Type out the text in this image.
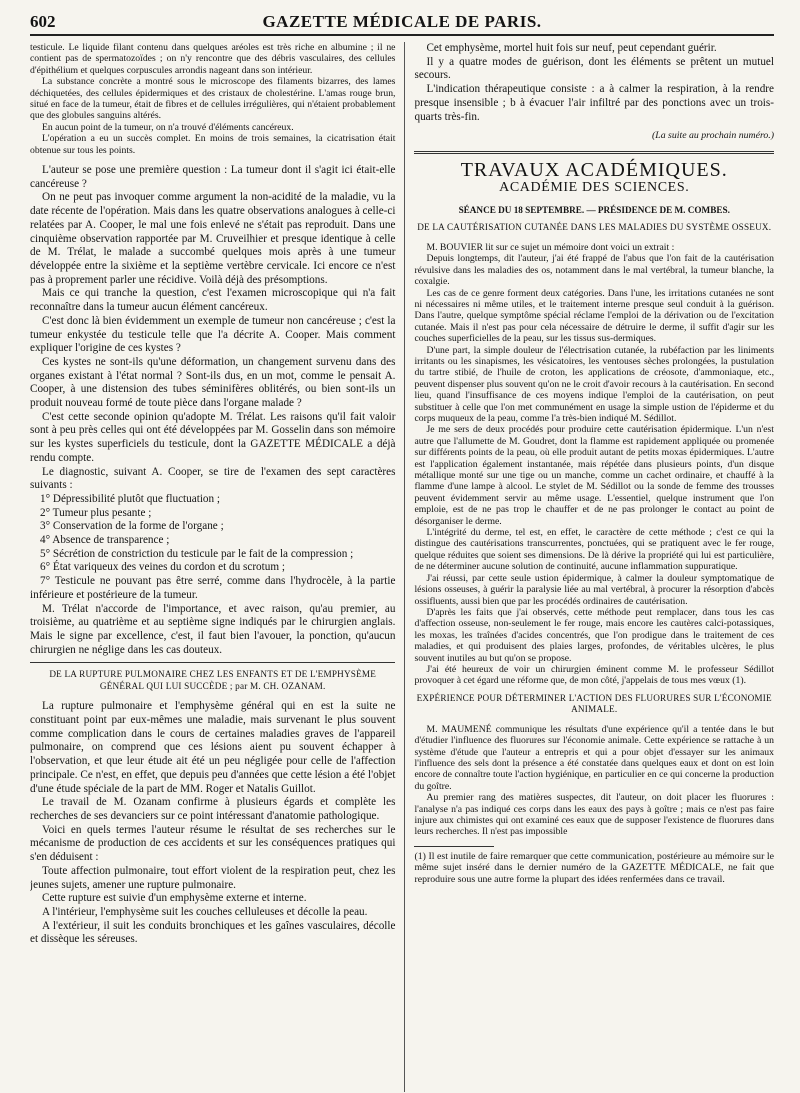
602	GAZETTE MÉDICALE DE PARIS.

testicule. Le liquide filant contenu dans quelques aréoles est très riche en albumine ; il ne contient pas de spermatozoïdes ; on n'y rencontre que des débris vasculaires, des cellules d'épithélium et quelques corpuscules arrondis nageant dans son intérieur.

La substance concrète a montré sous le microscope des filaments bizarres, des lames déchiquetées, des cellules épidermiques et des cristaux de cholestérine. L'amas rouge brun, situé en face de la tumeur, était de fibres et de cellules irrégulières, qui n'étaient probablement que des globules sanguins altérés.

En aucun point de la tumeur, on n'a trouvé d'éléments cancéreux.

L'opération a eu un succès complet. En moins de trois semaines, la cicatrisation était obtenue sur tous les points.

L'auteur se pose une première question : La tumeur dont il s'agit ici était-elle cancéreuse ?

On ne peut pas invoquer comme argument la non-acidité de la maladie, vu la date récente de l'opération. Mais dans les quatre observations analogues à celle-ci relatées par A. Cooper, le mal une fois enlevé ne s'était pas reproduit. Dans une cinquième observation rapportée par M. Cruveilhier et presque identique à celle de M. Trélat, le malade a succombé quelques mois après à une tumeur développée entre la sixième et la septième vertèbre cervicale. Ici encore ce n'est pas à proprement parler une récidive. Voilà déjà des présomptions.

Mais ce qui tranche la question, c'est l'examen microscopique qui n'a fait reconnaître dans la tumeur aucun élément cancéreux.

C'est donc là bien évidemment un exemple de tumeur non cancéreuse ; c'est la tumeur enkystée du testicule telle que l'a décrite A. Cooper. Mais comment expliquer l'origine de ces kystes ?

Ces kystes ne sont-ils qu'une déformation, un changement survenu dans des organes existant à l'état normal ? Sont-ils dus, en un mot, comme le pensait A. Cooper, à une distension des tubes séminifères oblitérés, ou bien sont-ils un produit nouveau formé de toute pièce dans l'organe malade ?

C'est cette seconde opinion qu'adopte M. Trélat. Les raisons qu'il fait valoir sont à peu près celles qui ont été développées par M. Gosselin dans son mémoire sur les kystes superficiels du testicule, dont la GAZETTE MÉDICALE a déjà rendu compte.

Le diagnostic, suivant A. Cooper, se tire de l'examen des sept caractères suivants :

1° Dépressibilité plutôt que fluctuation ;

2° Tumeur plus pesante ;

3° Conservation de la forme de l'organe ;

4° Absence de transparence ;

5° Sécrétion de constriction du testicule par le fait de la compression ;

6° État variqueux des veines du cordon et du scrotum ;

7° Testicule ne pouvant pas être serré, comme dans l'hydrocèle, à la partie inférieure et postérieure de la tumeur.

M. Trélat n'accorde de l'importance, et avec raison, qu'au premier, au troisième, au quatrième et au septième signe indiqués par le chirurgien anglais. Mais le signe par excellence, c'est, il faut bien l'avouer, la ponction, qu'aucun chirurgien ne néglige dans les cas douteux.

DE LA RUPTURE PULMONAIRE CHEZ LES ENFANTS ET DE L'EMPHYSÈME GÉNÉRAL QUI LUI SUCCÈDE ; par M. CH. OZANAM.

La rupture pulmonaire et l'emphysème général qui en est la suite ne constituant point par eux-mêmes une maladie, mais survenant le plus souvent comme complication dans le cours de certaines maladies graves de l'appareil pulmonaire, on comprend que ces lésions aient pu souvent échapper à l'observation, et que leur étude ait été un peu négligée pour celle de l'affection principale. Ce n'est, en effet, que depuis peu d'années que cette lésion a été l'objet d'une étude spéciale de la part de MM. Roger et Natalis Guillot.

Le travail de M. Ozanam confirme à plusieurs égards et complète les recherches de ses devanciers sur ce point intéressant d'anatomie pathologique.

Voici en quels termes l'auteur résume le résultat de ses recherches sur le mécanisme de production de ces accidents et sur les conséquences pratiques qui s'en déduisent :

Toute affection pulmonaire, tout effort violent de la respiration peut, chez les jeunes sujets, amener une rupture pulmonaire.

Cette rupture est suivie d'un emphysème externe et interne.

A l'intérieur, l'emphysème suit les couches celluleuses et décolle la peau.

A l'extérieur, il suit les conduits bronchiques et les gaînes vasculaires, décolle et dissèque les séreuses.

Cet emphysème, mortel huit fois sur neuf, peut cependant guérir.

Il y a quatre modes de guérison, dont les éléments se prêtent un mutuel secours.

L'indication thérapeutique consiste : a à calmer la respiration, à la rendre presque insensible ; b à évacuer l'air infiltré par des ponctions avec un trois-quarts très-fin.

(La suite au prochain numéro.)
TRAVAUX ACADÉMIQUES.
ACADÉMIE DES SCIENCES.
SÉANCE DU 18 SEPTEMBRE. — PRÉSIDENCE DE M. COMBES.
DE LA CAUTÉRISATION CUTANÉE DANS LES MALADIES DU SYSTÈME OSSEUX.

M. BOUVIER lit sur ce sujet un mémoire dont voici un extrait :

Depuis longtemps, dit l'auteur, j'ai été frappé de l'abus que l'on fait de la cautérisation révulsive dans les maladies des os, notamment dans le mal vertébral, la tumeur blanche, la coxalgie.

Les cas de ce genre forment deux catégories. Dans l'une, les irritations cutanées ne sont ni nécessaires ni même utiles, et le traitement interne presque seul conduit à la guérison. Dans l'autre, quelque symptôme spécial réclame l'emploi de la dérivation ou de l'excitation cutanée. Mais il n'est pas pour cela nécessaire de détruire le derme, il suffit d'agir sur les couches superficielles de la peau, sur les tissus sus-dermiques.

D'une part, la simple douleur de l'électrisation cutanée, la rubéfaction par les liniments irritants ou les sinapismes, les vésicatoires, les ventouses sèches prolongées, la pustulation du tartre stibié, de l'huile de croton, les applications de créosote, d'ammoniaque, etc., peuvent dispenser plus souvent qu'on ne le croit d'avoir recours à la cautérisation. En second lieu, quand l'insuffisance de ces moyens indique l'emploi de la cautérisation, on peut substituer à celle que l'on met communément en usage la simple ustion de l'épiderme et du corps muqueux de la peau, comme l'a très-bien indiqué M. Sédillot.

Je me sers de deux procédés pour produire cette cautérisation épidermique. L'un n'est autre que l'allumette de M. Goudret, dont la flamme est rapidement appliquée ou promenée sur différents points de la peau, où elle produit autant de petits moxas épidermiques. L'autre est l'application également instantanée, mais répétée dans plusieurs points, d'un disque métallique monté sur une tige ou un manche, comme un cachet ordinaire, et chauffé à la flamme d'une lampe à alcool. Le stylet de M. Sédillot ou la sonde de femme des trousses peuvent évidemment servir au même usage. L'essentiel, quelque instrument que l'on emploie, est de ne pas trop le chauffer et de ne pas prolonger le contact au point de désorganiser le derme.

L'intégrité du derme, tel est, en effet, le caractère de cette méthode ; c'est ce qui la distingue des cautérisations transcurrentes, ponctuées, qui se pratiquent avec le fer rouge, quelque réduites que soient ses dimensions. De là dérive la propriété qui lui est particulière, de ne déterminer aucune solution de continuité, aucune inflammation suppuratique.

J'ai réussi, par cette seule ustion épidermique, à calmer la douleur symptomatique de lésions osseuses, à guérir la paralysie liée au mal vertébral, à procurer la résorption d'abcès ossifluents, aussi bien que par les procédés ordinaires de cautérisation.

D'après les faits que j'ai observés, cette méthode peut remplacer, dans tous les cas d'affection osseuse, non-seulement le fer rouge, mais encore les cautères calci-potassiques, les moxas, les traînées d'acides concentrés, que l'on prodigue dans le traitement de ces maladies, et qui produisent des plaies larges, profondes, de véritables ulcères, le plus souvent inutiles au but qu'on se propose.

J'ai été heureux de voir un chirurgien éminent comme M. le professeur Sédillot provoquer à cet égard une réforme que, de mon côté, j'appelais de tous mes vœux (1).

EXPÉRIENCE POUR DÉTERMINER L'ACTION DES FLUORURES SUR L'ÉCONOMIE ANIMALE.

M. MAUMENÉ communique les résultats d'une expérience qu'il a tentée dans le but d'étudier l'influence des fluorures sur l'économie animale. Cette expérience se rattache à un système d'étude que l'auteur a entrepris et qui a pour objet d'essayer sur les animaux l'influence des sels dont la présence a été constatée dans quelques eaux et dont on est loin encore de connaître toute l'action hygiénique, en particulier en ce qui concerne la production du goître.

Au premier rang des matières suspectes, dit l'auteur, on doit placer les fluorures : l'analyse n'a pas indiqué ces corps dans les eaux des pays à goître ; mais ce n'est pas faire injure aux chimistes qui ont examiné ces eaux que de supposer l'existence de fluorures dans leurs recherches. Il n'est pas impossible

(1) Il est inutile de faire remarquer que cette communication, postérieure au mémoire sur le même sujet inséré dans le dernier numéro de la GAZETTE MÉDICALE, ne fait que reproduire sous une autre forme la plupart des idées renfermées dans ce travail.
